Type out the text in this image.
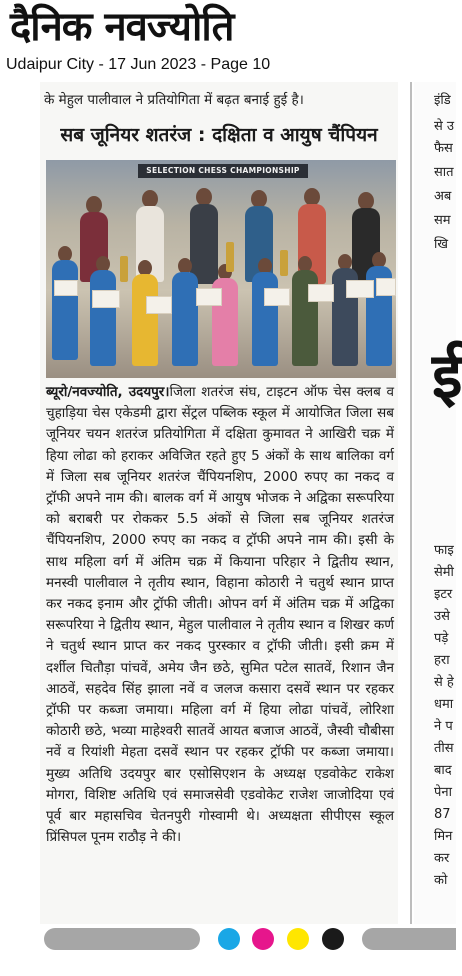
दैनिक नवज्योति
Udaipur City - 17 Jun 2023 - Page 10
के मेहुल पालीवाल ने प्रतियोगिता में बढ़त बनाई हुई है।
सब जूनियर शतरंज : दक्षिता व आयुष चैंपियन
SELECTION CHESS CHAMPIONSHIP
ब्यूरो/नवज्योति, उदयपुर।जिला शतरंज संघ, टाइटन ऑफ चेस क्लब व चुहाड़िया चेस एकेडमी द्वारा सेंट्रल पब्लिक स्कूल में आयोजित जिला सब जूनियर चयन शतरंज प्रतियोगिता में दक्षिता कुमावत ने आखिरी चक्र में हिया लोढा को हराकर अविजित रहते हुए 5 अंकों के साथ बालिका वर्ग में जिला सब जूनियर शतरंज चैंपियनशिप, 2000 रुपए का नकद व ट्रॉफी अपने नाम की। बालक वर्ग में आयुष भोजक ने अद्विका सरूपरिया को बराबरी पर रोककर 5.5 अंकों से जिला सब जूनियर शतरंज चैंपियनशिप, 2000 रुपए का नकद व ट्रॉफी अपने नाम की। इसी के साथ महिला वर्ग में अंतिम चक्र में कियाना परिहार ने द्वितीय स्थान, मनस्वी पालीवाल ने तृतीय स्थान, विहाना कोठारी ने चतुर्थ स्थान प्राप्त कर नकद इनाम और ट्रॉफी जीती। ओपन वर्ग में अंतिम चक्र में अद्विका सरूपरिया ने द्वितीय स्थान, मेहुल पालीवाल ने तृतीय स्थान व शिखर कर्ण ने चतुर्थ स्थान प्राप्त कर नकद पुरस्कार व ट्रॉफी जीती। इसी क्रम में दर्शील चितौड़ा पांचवें, अमेय जैन छठे, सुमित पटेल सातवें, रिशान जैन आठवें, सहदेव सिंह झाला नवें व जलज कसारा दसवें स्थान पर रहकर ट्रॉफी पर कब्जा जमाया। महिला वर्ग में हिया लोढा पांचवें, लोरिशा कोठारी छठे, भव्या माहेश्वरी सातवें आयत बजाज आठवें, जैस्वी चौबीसा नवें व रियांशी मेहता दसवें स्थान पर रहकर ट्रॉफी पर कब्जा जमाया। मुख्य अतिथि उदयपुर बार एसोसिएशन के अध्यक्ष एडवोकेट राकेश मोगरा, विशिष्ट अतिथि एवं समाजसेवी एडवोकेट राजेश जाजोदिया एवं पूर्व बार महासचिव चेतनपुरी गोस्वामी थे। अध्यक्षता सीपीएस स्कूल प्रिंसिपल पूनम राठौड़ ने की।
इंडि
से उ
फैस
सात
अब
सम
खि
ई
फाइ
सेमी
इटर
उसे
पड़े
हरा
से हे
धमा
ने प
तीस
बाद
पेना
87
मिन
कर
को
